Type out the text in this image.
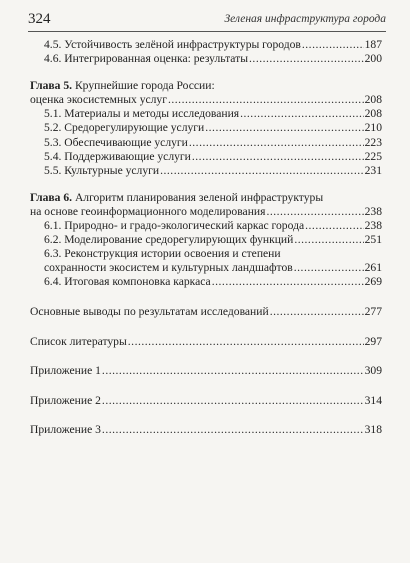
324	Зеленая инфраструктура города
4.5. Устойчивость зелёной инфраструктуры городов .....	187
4.6. Интегрированная оценка: результаты .....	200
Глава 5. Крупнейшие города России:
оценка экосистемных услуг .....	208
5.1. Материалы и методы исследования .....	208
5.2. Средорегулирующие услуги .....	210
5.3. Обеспечивающие услуги .....	223
5.4. Поддерживающие услуги .....	225
5.5. Культурные услуги .....	231
Глава 6. Алгоритм планирования зеленой инфраструктуры
на основе геоинформационного моделирования .....	238
6.1. Природно- и градо-экологический каркас города .....	238
6.2. Моделирование средорегулирующих функций .....	251
6.3. Реконструкция истории освоения и степени
сохранности экосистем и культурных ландшафтов .....	261
6.4. Итоговая компоновка каркаса .....	269
Основные выводы по результатам исследований .....	277
Список литературы .....	297
Приложение 1 .....	309
Приложение 2 .....	314
Приложение 3 .....	318
